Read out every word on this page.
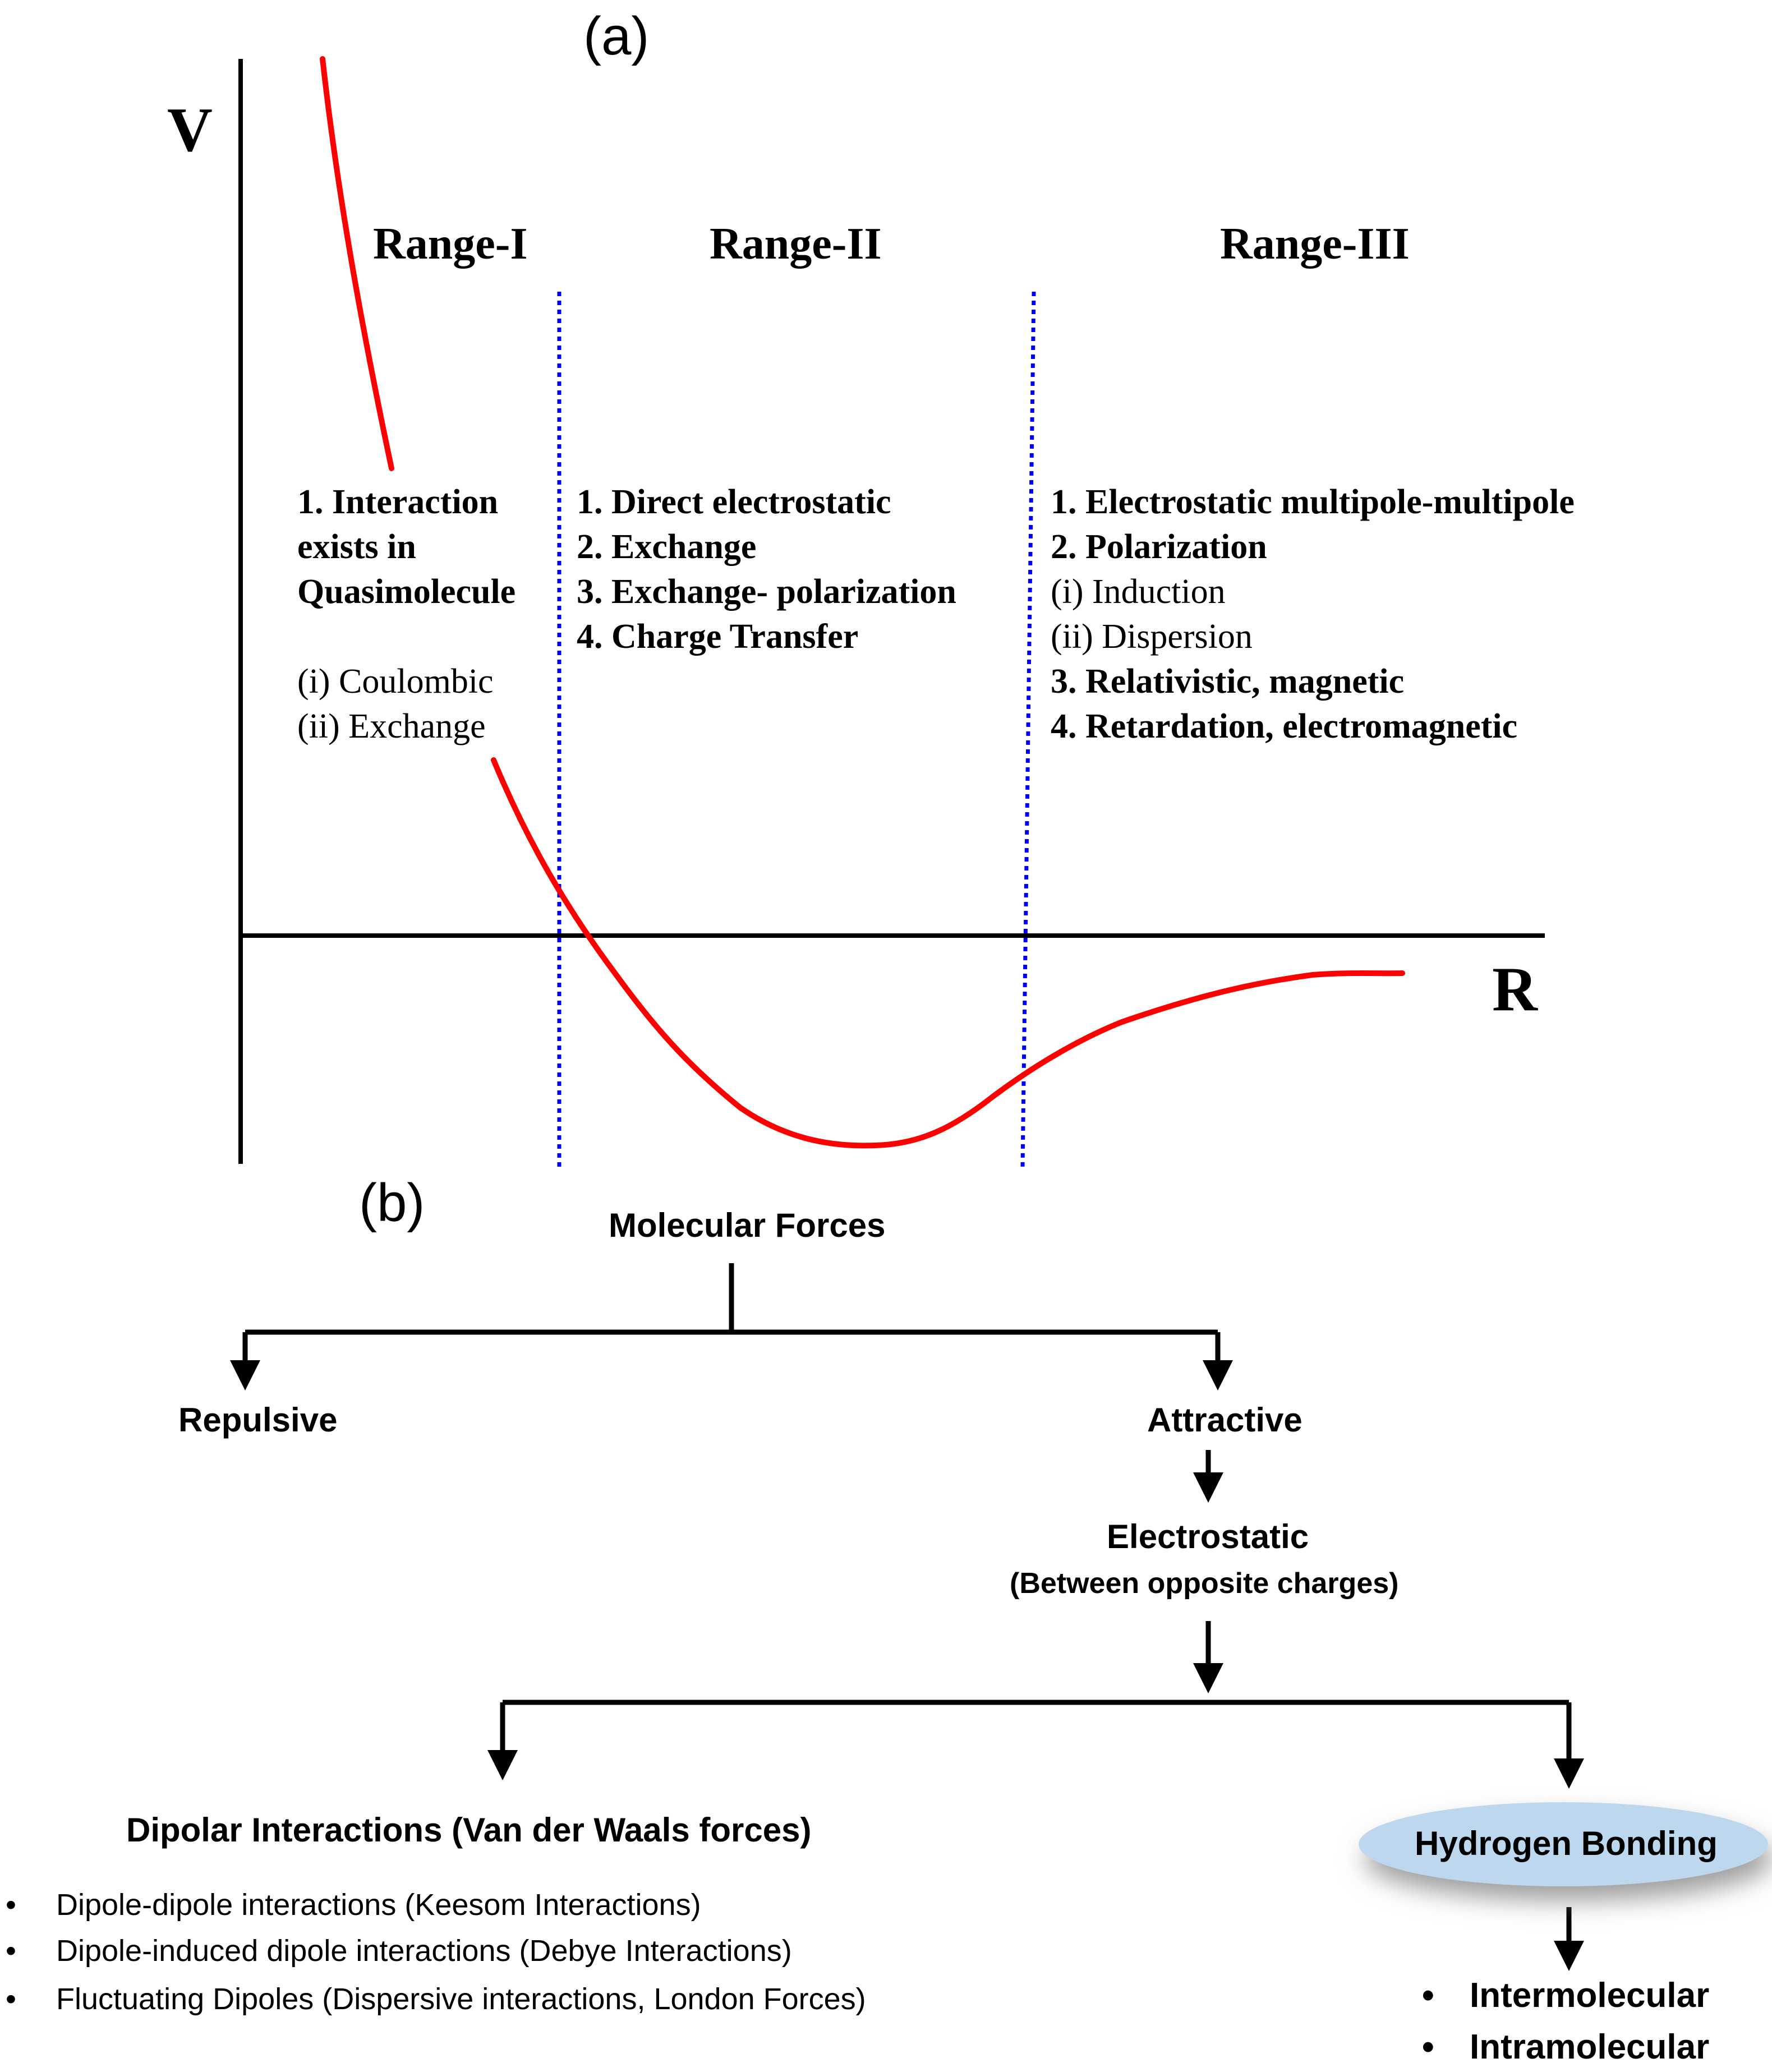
(a)
V
R
Range-I	Range-II	Range-III
1. Interaction
exists in
Quasimolecule

(i) Coulombic
(ii) Exchange
1. Direct electrostatic
2. Exchange
3. Exchange- polarization
4. Charge Transfer
1. Electrostatic multipole-multipole
2. Polarization
(i) Induction
(ii) Dispersion
3. Relativistic, magnetic
4. Retardation, electromagnetic
(b)	Molecular Forces
Repulsive	Attractive
Electrostatic
(Between opposite charges)
Dipolar Interactions (Van der Waals forces)
• Dipole-dipole interactions (Keesom Interactions)
• Dipole-induced dipole interactions (Debye Interactions)
• Fluctuating Dipoles (Dispersive interactions, London Forces)
Hydrogen Bonding
• Intermolecular
• Intramolecular
